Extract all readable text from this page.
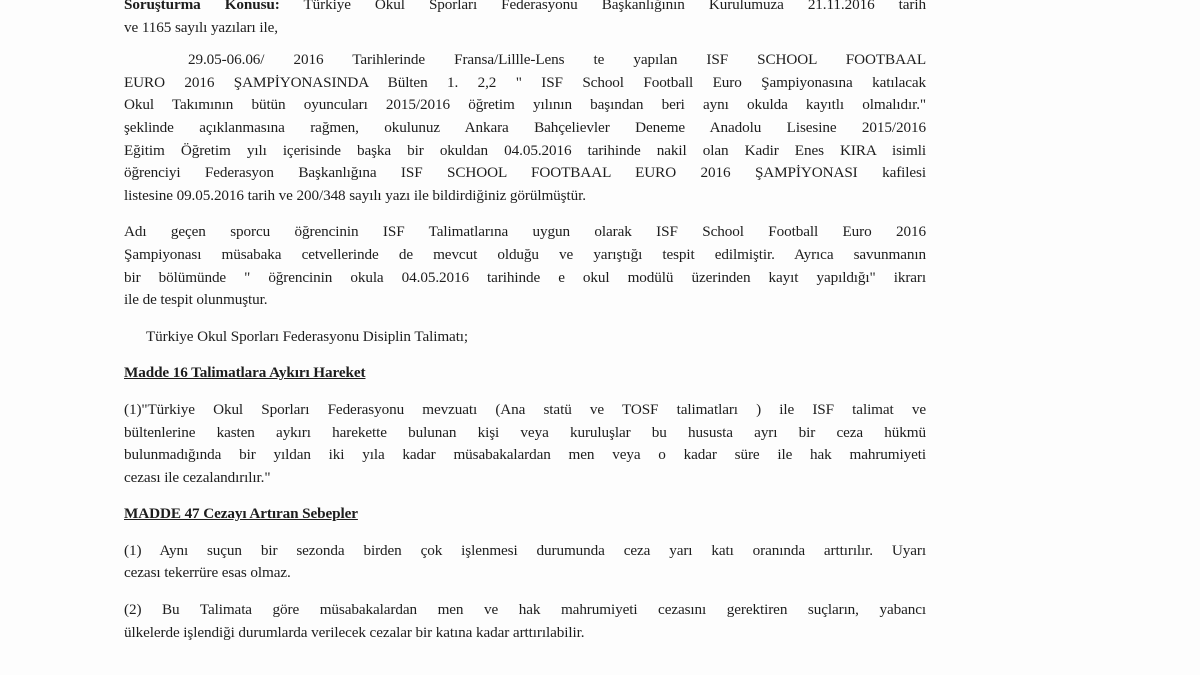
Soruşturma Konusu: Türkiye Okul Sporları Federasyonu Başkanlığının Kurulumuza 21.11.2016 tarih
ve 1165 sayılı yazıları ile,

29.05-06.06/ 2016 Tarihlerinde Fransa/Lillle-Lens te yapılan ISF SCHOOL FOOTBAAL
EURO 2016 ŞAMPİYONASINDA Bülten 1. 2,2 " ISF School Football Euro Şampiyonasına katılacak
Okul Takımının bütün oyuncuları 2015/2016 öğretim yılının başından beri aynı okulda kayıtlı olmalıdır."
şeklinde açıklanmasına rağmen, okulunuz Ankara Bahçelievler Deneme Anadolu Lisesine 2015/2016
Eğitim Öğretim yılı içerisinde başka bir okuldan 04.05.2016 tarihinde nakil olan Kadir Enes KIRA isimli
öğrenciyi Federasyon Başkanlığına ISF SCHOOL FOOTBAAL EURO 2016 ŞAMPİYONASI kafilesi
listesine 09.05.2016 tarih ve 200/348 sayılı yazı ile bildirdiğiniz görülmüştür.

Adı geçen sporcu öğrencinin ISF Talimatlarına uygun olarak ISF School Football Euro 2016
Şampiyonası müsabaka cetvellerinde de mevcut olduğu ve yarıştığı tespit edilmiştir. Ayrıca savunmanın
bir bölümünde " öğrencinin okula 04.05.2016 tarihinde e okul modülü üzerinden kayıt yapıldığı" ikrarı
ile de tespit olunmuştur.

Türkiye Okul Sporları Federasyonu Disiplin Talimatı;

Madde 16 Talimatlara Aykırı Hareket

(1)"Türkiye Okul Sporları Federasyonu mevzuatı (Ana statü ve TOSF talimatları ) ile ISF talimat ve
bültenlerine kasten aykırı harekette bulunan kişi veya kuruluşlar bu hususta ayrı bir ceza hükmü
bulunmadığında bir yıldan iki yıla kadar müsabakalardan men veya o kadar süre ile hak mahrumiyeti
cezası ile cezalandırılır."

MADDE 47 Cezayı Artıran Sebepler

(1) Aynı suçun bir sezonda birden çok işlenmesi durumunda ceza yarı katı oranında arttırılır. Uyarı
cezası tekerrüre esas olmaz.

(2) Bu Talimata göre müsabakalardan men ve hak mahrumiyeti cezasını gerektiren suçların, yabancı
ülkelerde işlendiği durumlarda verilecek cezalar bir katına kadar arttırılabilir.
